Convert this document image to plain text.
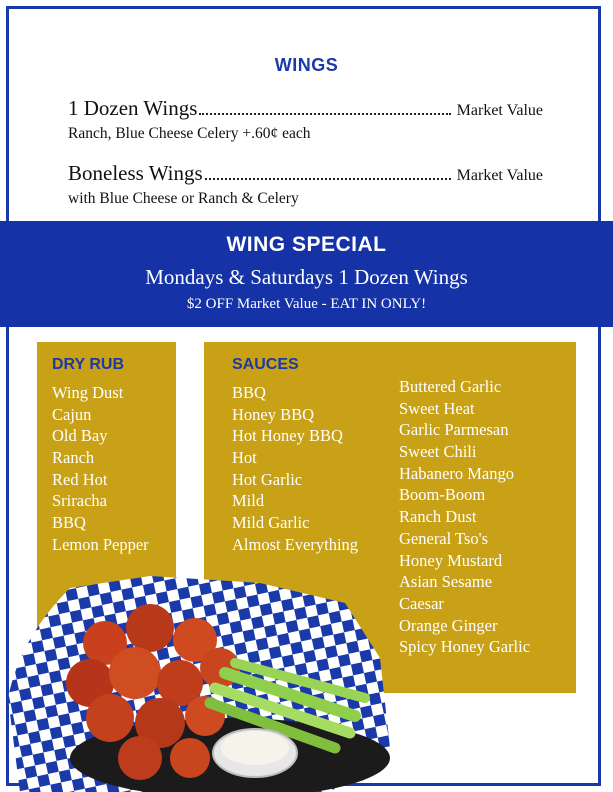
WINGS
1 Dozen Wings	Market Value
Ranch, Blue Cheese Celery +.60¢ each
Boneless Wings	Market Value
with Blue Cheese or Ranch & Celery
WING SPECIAL
Mondays & Saturdays 1 Dozen Wings
$2 OFF Market Value - EAT IN ONLY!
DRY RUB
Wing Dust
Cajun
Old Bay
Ranch
Red Hot
Sriracha
BBQ
Lemon Pepper
SAUCES
BBQ
Honey BBQ
Hot Honey BBQ
Hot
Hot Garlic
Mild
Mild Garlic
Almost Everything
Buttered Garlic
Sweet Heat
Garlic Parmesan
Sweet Chili
Habanero Mango
Boom-Boom
Ranch Dust
General Tso's
Honey Mustard
Asian Sesame
Caesar
Orange Ginger
Spicy Honey Garlic
